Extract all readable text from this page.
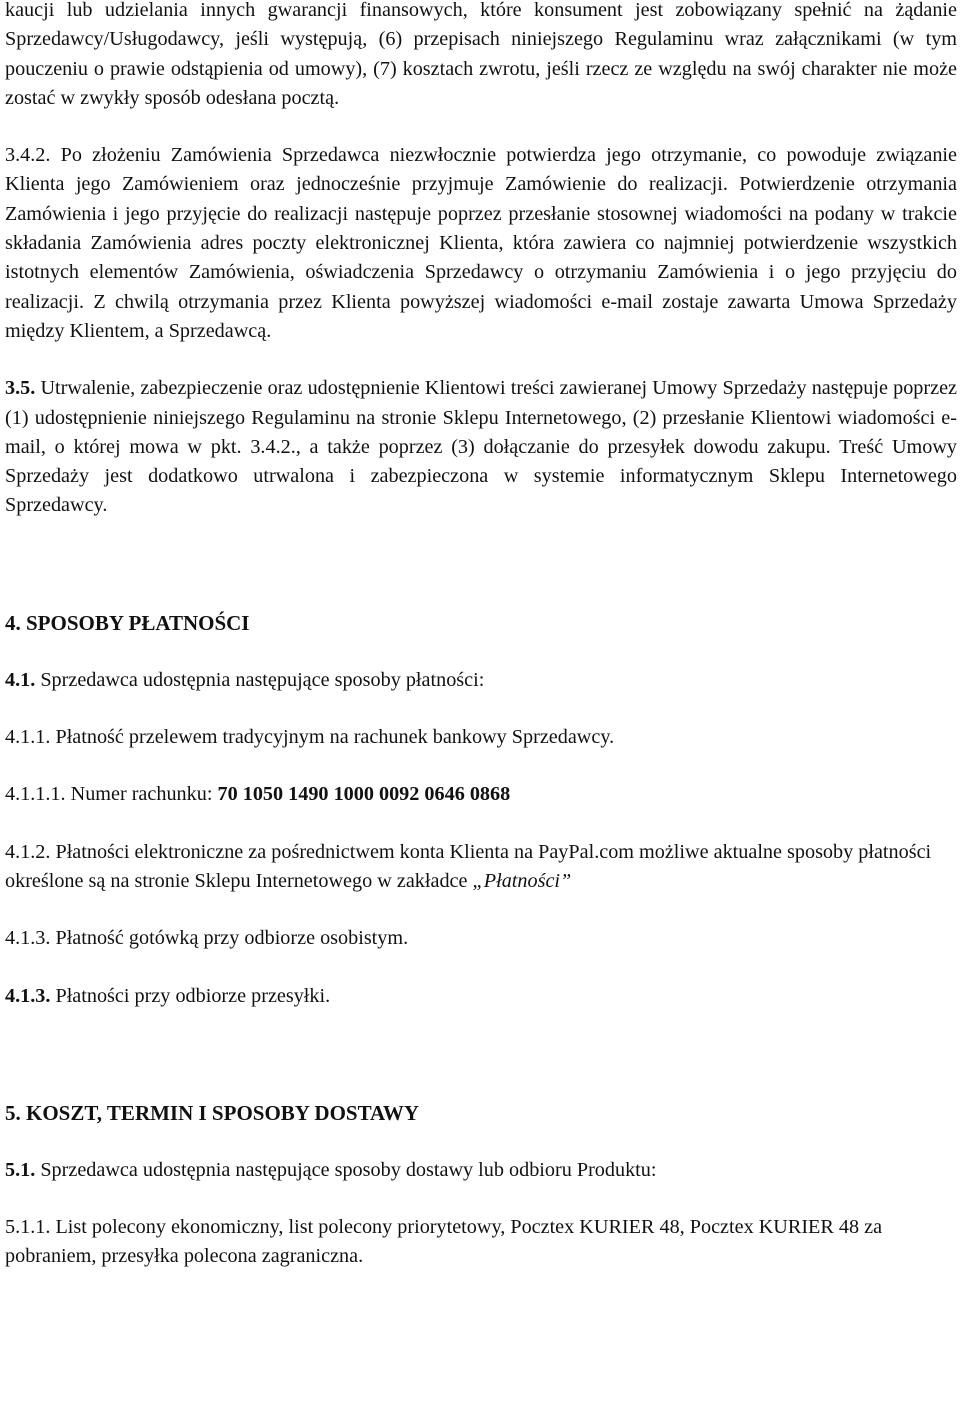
kaucji lub udzielania innych gwarancji finansowych, które konsument jest zobowiązany spełnić na żądanie Sprzedawcy/Usługodawcy, jeśli występują, (6) przepisach niniejszego Regulaminu wraz załącznikami (w tym pouczeniu o prawie odstąpienia od umowy), (7) kosztach zwrotu, jeśli rzecz ze względu na swój charakter nie może zostać w zwykły sposób odesłana pocztą.

3.4.2. Po złożeniu Zamówienia Sprzedawca niezwłocznie potwierdza jego otrzymanie, co powoduje związanie Klienta jego Zamówieniem oraz jednocześnie przyjmuje Zamówienie do realizacji. Potwierdzenie otrzymania Zamówienia i jego przyjęcie do realizacji następuje poprzez przesłanie stosownej wiadomości na podany w trakcie składania Zamówienia adres poczty elektronicznej Klienta, która zawiera co najmniej potwierdzenie wszystkich istotnych elementów Zamówienia, oświadczenia Sprzedawcy o otrzymaniu Zamówienia i o jego przyjęciu do realizacji. Z chwilą otrzymania przez Klienta powyższej wiadomości e-mail zostaje zawarta Umowa Sprzedaży między Klientem, a Sprzedawcą.

3.5. Utrwalenie, zabezpieczenie oraz udostępnienie Klientowi treści zawieranej Umowy Sprzedaży następuje poprzez (1) udostępnienie niniejszego Regulaminu na stronie Sklepu Internetowego, (2) przesłanie Klientowi wiadomości e-mail, o której mowa w pkt. 3.4.2., a także poprzez (3) dołączanie do przesyłek dowodu zakupu. Treść Umowy Sprzedaży jest dodatkowo utrwalona i zabezpieczona w systemie informatycznym Sklepu Internetowego Sprzedawcy.

4. SPOSOBY PŁATNOŚCI

4.1. Sprzedawca udostępnia następujące sposoby płatności:

4.1.1. Płatność przelewem tradycyjnym na rachunek bankowy Sprzedawcy.

4.1.1.1. Numer rachunku: 70 1050 1490 1000 0092 0646 0868

4.1.2. Płatności elektroniczne za pośrednictwem konta Klienta na PayPal.com możliwe aktualne sposoby płatności określone są na stronie Sklepu Internetowego w zakładce „Płatności”

4.1.3. Płatność gotówką przy odbiorze osobistym.

4.1.3. Płatności przy odbiorze przesyłki.

5. KOSZT, TERMIN I SPOSOBY DOSTAWY

5.1. Sprzedawca udostępnia następujące sposoby dostawy lub odbioru Produktu:

5.1.1. List polecony ekonomiczny, list polecony priorytetowy, Pocztex KURIER 48, Pocztex KURIER 48 za pobraniem, przesyłka polecona zagraniczna.
